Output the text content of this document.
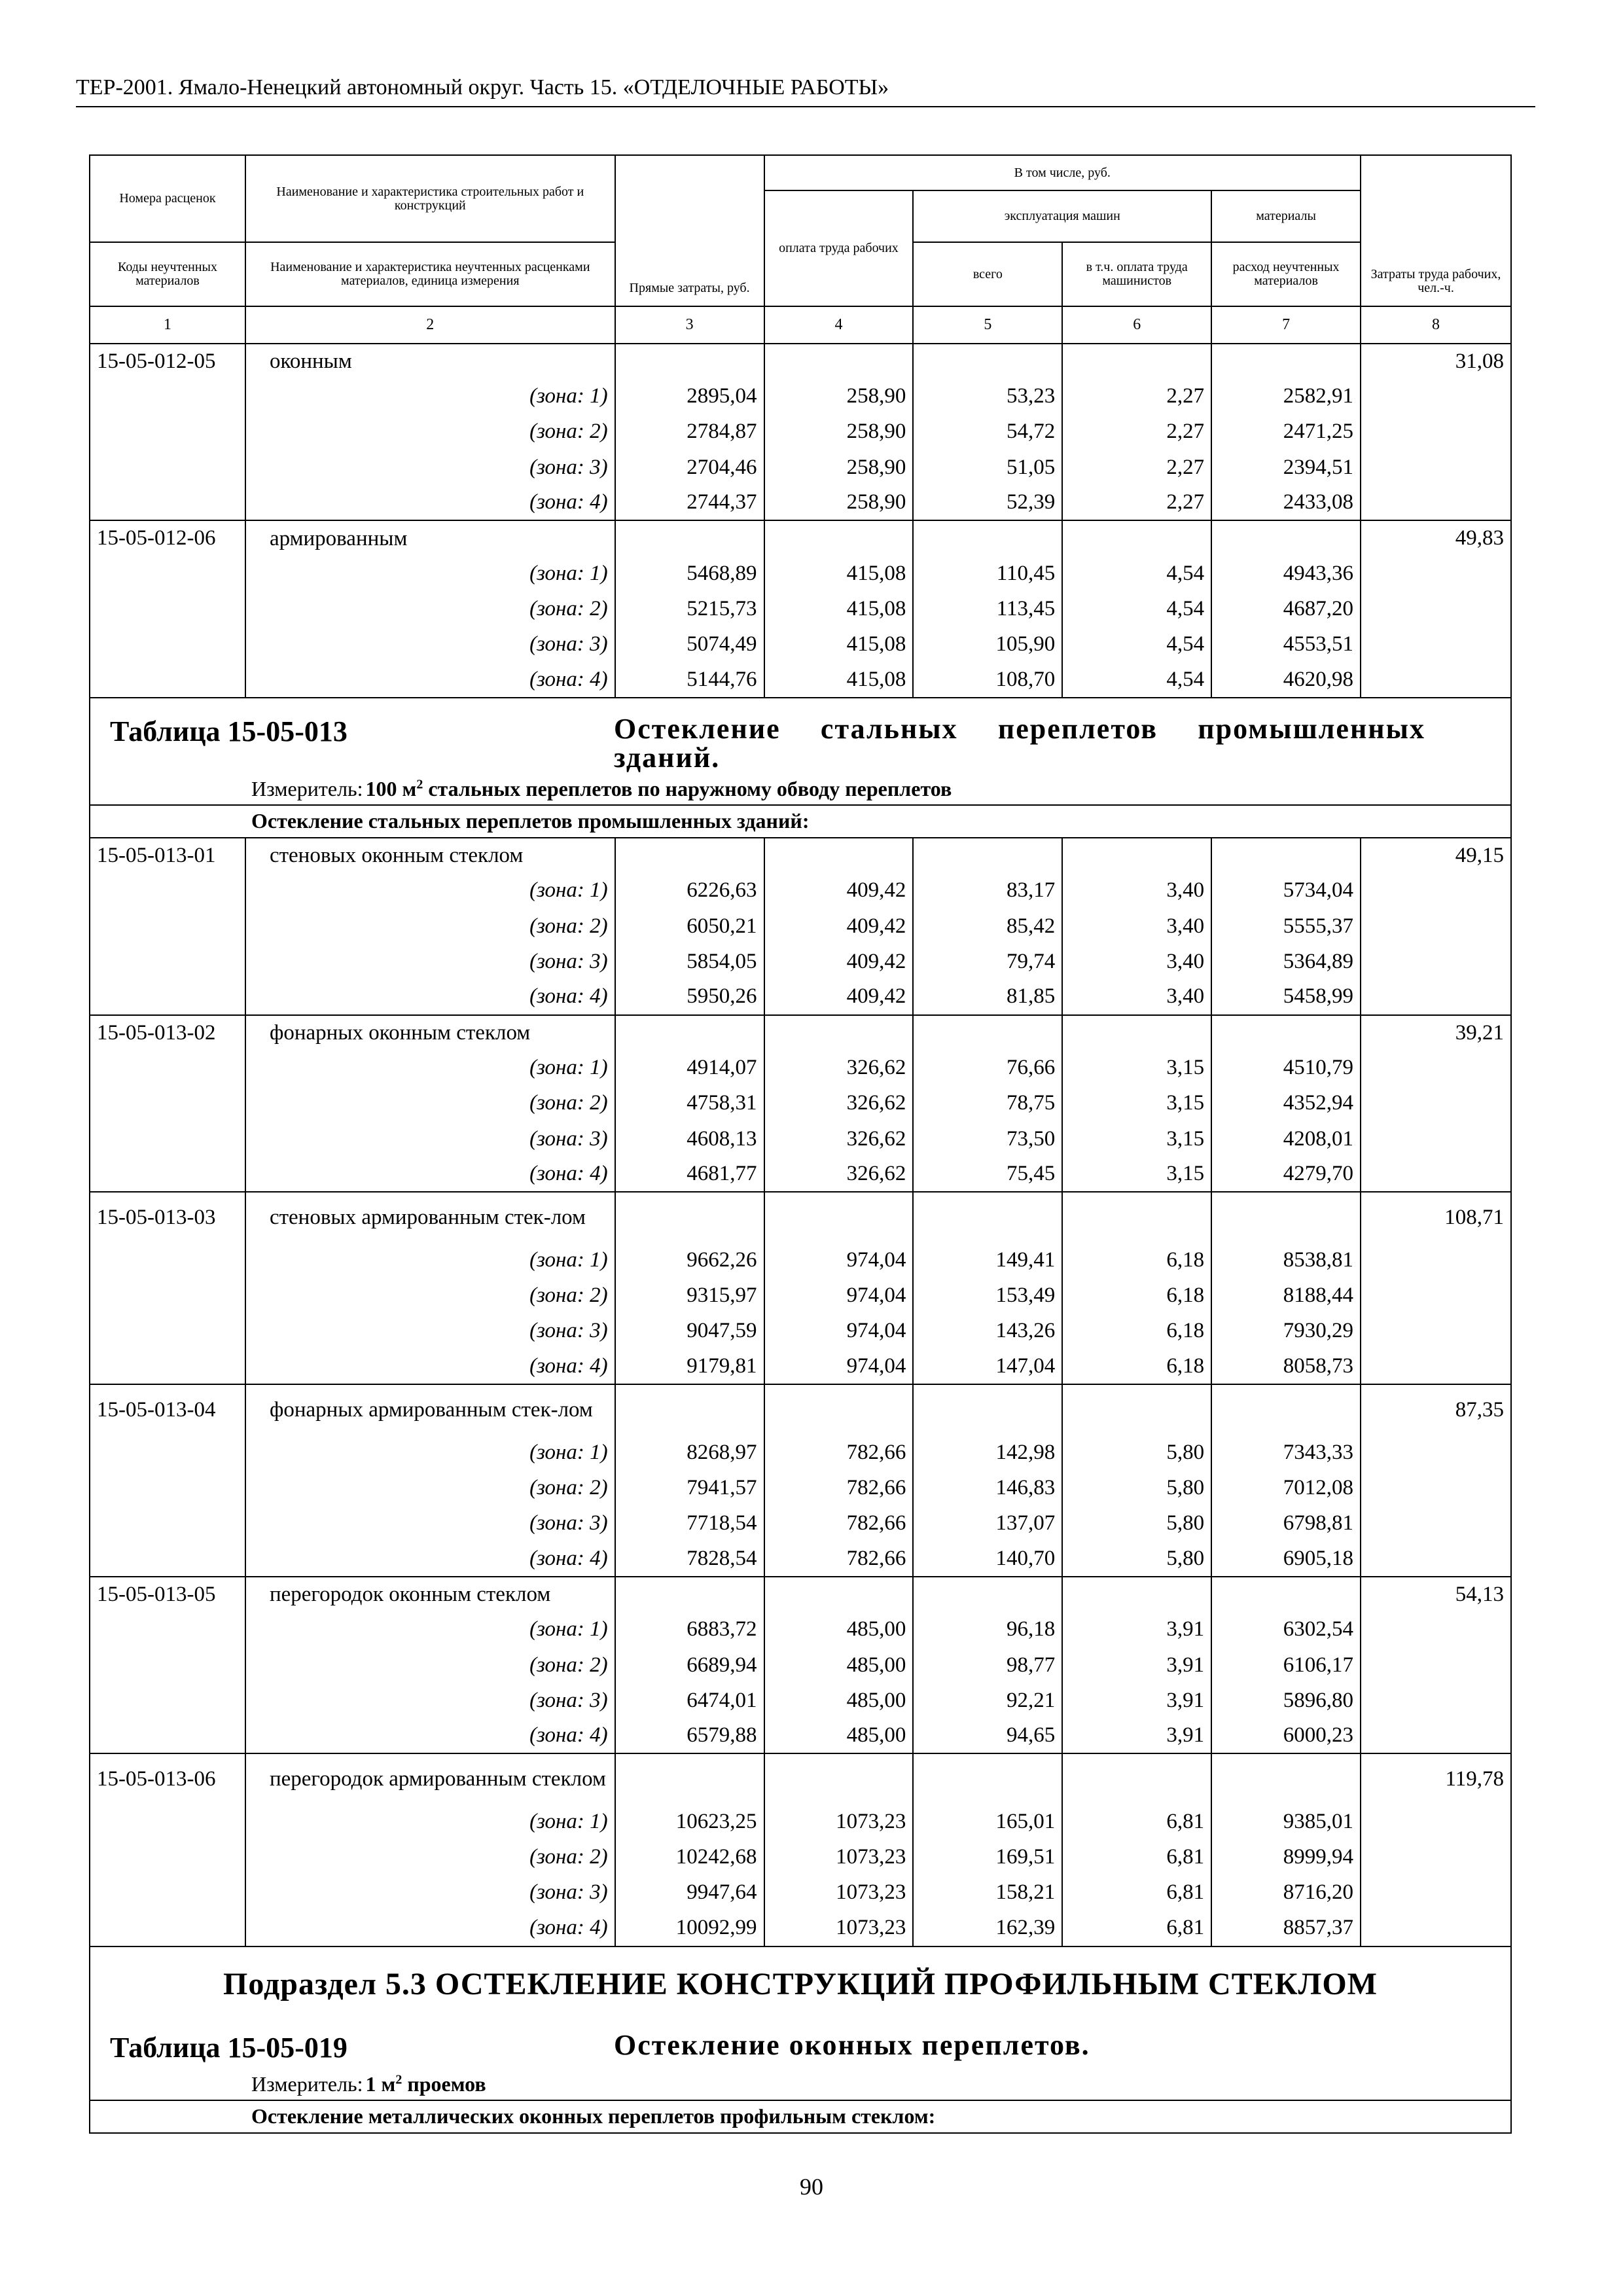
ТЕР-2001. Ямало-Ненецкий автономный округ. Часть 15. «ОТДЕЛОЧНЫЕ РАБОТЫ»
Номера расценок	Наименование и характеристика строительных работ и конструкций	Прямые затраты, руб.	В том числе, руб.	Затраты труда рабочих, чел.-ч.
оплата труда рабочих	эксплуатация машин	материалы
Коды неучтенных материалов	Наименование и характеристика неучтенных расценками материалов, единица измерения	всего	в т.ч. оплата труда машинистов	расход неучтенных материалов
1	2	3	4	5	6	7	8
15-05-012-05	оконным						31,08
	(зона: 1)	2895,04	258,90	53,23	2,27	2582,91	
	(зона: 2)	2784,87	258,90	54,72	2,27	2471,25	
	(зона: 3)	2704,46	258,90	51,05	2,27	2394,51	
	(зона: 4)	2744,37	258,90	52,39	2,27	2433,08	
15-05-012-06	армированным						49,83
	(зона: 1)	5468,89	415,08	110,45	4,54	4943,36	
	(зона: 2)	5215,73	415,08	113,45	4,54	4687,20	
	(зона: 3)	5074,49	415,08	105,90	4,54	4553,51	
	(зона: 4)	5144,76	415,08	108,70	4,54	4620,98	

Таблица 15-05-013	Остекление стальных переплетов промышленных зданий.

Измеритель: 100 $м^2$ стальных переплетов по наружному обводу переплетов
Остекление стальных переплетов промышленных зданий:
15-05-013-01	стеновых оконным стеклом						49,15
	(зона: 1)	6226,63	409,42	83,17	3,40	5734,04	
	(зона: 2)	6050,21	409,42	85,42	3,40	5555,37	
	(зона: 3)	5854,05	409,42	79,74	3,40	5364,89	
	(зона: 4)	5950,26	409,42	81,85	3,40	5458,99	
15-05-013-02	фонарных оконным стеклом						39,21
	(зона: 1)	4914,07	326,62	76,66	3,15	4510,79	
	(зона: 2)	4758,31	326,62	78,75	3,15	4352,94	
	(зона: 3)	4608,13	326,62	73,50	3,15	4208,01	
	(зона: 4)	4681,77	326,62	75,45	3,15	4279,70	
15-05-013-03	стеновых армированным стек-лом						108,71
	(зона: 1)	9662,26	974,04	149,41	6,18	8538,81	
	(зона: 2)	9315,97	974,04	153,49	6,18	8188,44	
	(зона: 3)	9047,59	974,04	143,26	6,18	7930,29	
	(зона: 4)	9179,81	974,04	147,04	6,18	8058,73	
15-05-013-04	фонарных армированным стек-лом						87,35
	(зона: 1)	8268,97	782,66	142,98	5,80	7343,33	
	(зона: 2)	7941,57	782,66	146,83	5,80	7012,08	
	(зона: 3)	7718,54	782,66	137,07	5,80	6798,81	
	(зона: 4)	7828,54	782,66	140,70	5,80	6905,18	
15-05-013-05	перегородок оконным стеклом						54,13
	(зона: 1)	6883,72	485,00	96,18	3,91	6302,54	
	(зона: 2)	6689,94	485,00	98,77	3,91	6106,17	
	(зона: 3)	6474,01	485,00	92,21	3,91	5896,80	
	(зона: 4)	6579,88	485,00	94,65	3,91	6000,23	
15-05-013-06	перегородок армированным стеклом						119,78
	(зона: 1)	10623,25	1073,23	165,01	6,81	9385,01	
	(зона: 2)	10242,68	1073,23	169,51	6,81	8999,94	
	(зона: 3)	9947,64	1073,23	158,21	6,81	8716,20	
	(зона: 4)	10092,99	1073,23	162,39	6,81	8857,37	
Подраздел 5.3 ОСТЕКЛЕНИЕ КОНСТРУКЦИЙ ПРОФИЛЬНЫМ СТЕКЛОМ

Таблица 15-05-019	Остекление оконных переплетов.

Измеритель: 1 $м^2$ проемов
Остекление металлических оконных переплетов профильным стеклом:
90
